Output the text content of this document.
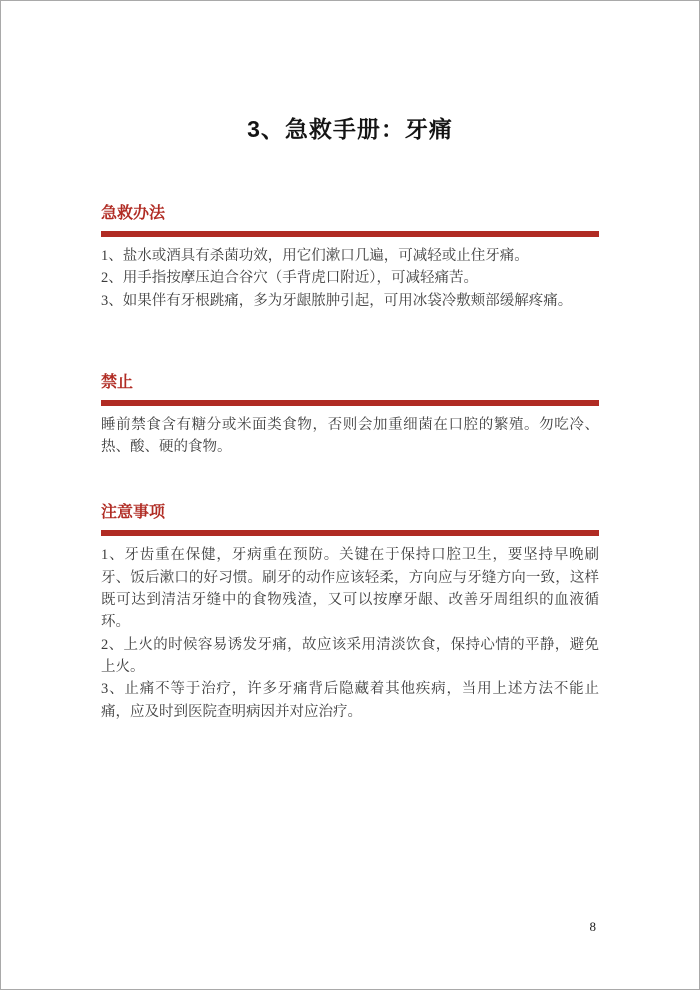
3、急救手册：牙痛
急救办法

1、盐水或酒具有杀菌功效，用它们漱口几遍，可减轻或止住牙痛。

2、用手指按摩压迫合谷穴（手背虎口附近），可减轻痛苦。

3、如果伴有牙根跳痛，多为牙龈脓肿引起，可用冰袋冷敷颊部缓解疼痛。

禁止

睡前禁食含有糖分或米面类食物，否则会加重细菌在口腔的繁殖。勿吃冷、热、酸、硬的食物。

注意事项

1、牙齿重在保健，牙病重在预防。关键在于保持口腔卫生，要坚持早晚刷牙、饭后漱口的好习惯。刷牙的动作应该轻柔，方向应与牙缝方向一致，这样既可达到清洁牙缝中的食物残渣，又可以按摩牙龈、改善牙周组织的血液循环。

2、上火的时候容易诱发牙痛，故应该采用清淡饮食，保持心情的平静，避免上火。

3、止痛不等于治疗，许多牙痛背后隐藏着其他疾病，当用上述方法不能止痛，应及时到医院查明病因并对应治疗。

8
